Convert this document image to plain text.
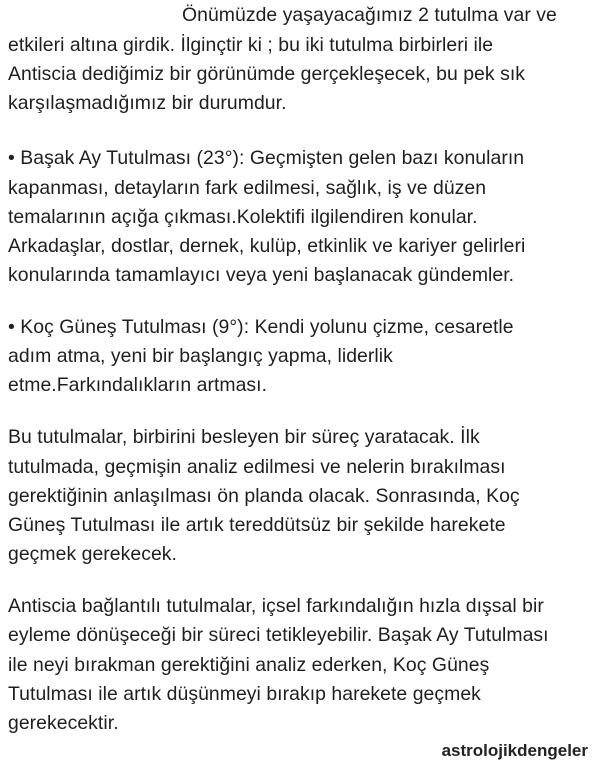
Önümüzde yaşayacağımız 2 tutulma var ve
etkileri altına girdik. İlginçtir ki ; bu iki tutulma birbirleri ile
Antiscia dediğimiz bir görünümde gerçekleşecek, bu pek sık
karşılaşmadığımız bir durumdur.
• Başak Ay Tutulması (23°): Geçmişten gelen bazı konuların
kapanması, detayların fark edilmesi, sağlık, iş ve düzen
temalarının açığa çıkması.Kolektifi ilgilendiren konular.
Arkadaşlar, dostlar, dernek, kulüp, etkinlik ve kariyer gelirleri
konularında tamamlayıcı veya yeni başlanacak gündemler.
• Koç Güneş Tutulması (9°): Kendi yolunu çizme, cesaretle
adım atma, yeni bir başlangıç yapma, liderlik
etme.Farkındalıkların artması.
Bu tutulmalar, birbirini besleyen bir süreç yaratacak. İlk
tutulmada, geçmişin analiz edilmesi ve nelerin bırakılması
gerektiğinin anlaşılması ön planda olacak. Sonrasında, Koç
Güneş Tutulması ile artık tereddütsüz bir şekilde harekete
geçmek gerekecek.
Antiscia bağlantılı tutulmalar, içsel farkındalığın hızla dışsal bir
eyleme dönüşeceği bir süreci tetikleyebilir. Başak Ay Tutulması
ile neyi bırakman gerektiğini analiz ederken, Koç Güneş
Tutulması ile artık düşünmeyi bırakıp harekete geçmek
gerekecektir.
astrolojikdengeler
